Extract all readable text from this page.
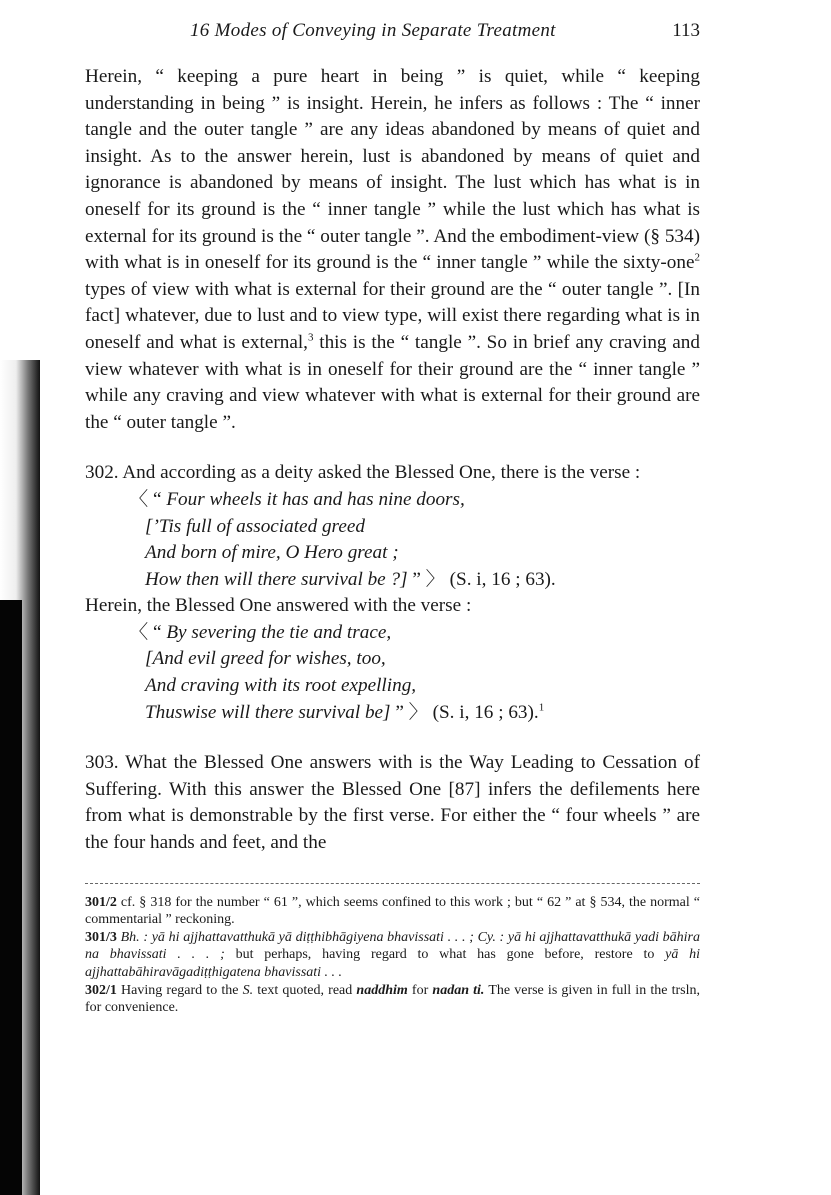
16 Modes of Conveying in Separate Treatment	113

Herein, “ keeping a pure heart in being ” is quiet, while “ keeping understanding in being ” is insight. Herein, he infers as follows : The “ inner tangle and the outer tangle ” are any ideas abandoned by means of quiet and insight. As to the answer herein, lust is abandoned by means of quiet and ignorance is abandoned by means of insight. The lust which has what is in oneself for its ground is the “ inner tangle ” while the lust which has what is external for its ground is the “ outer tangle ”. And the embodiment-view (§ 534) with what is in oneself for its ground is the “ inner tangle ” while the sixty-one$^2$ types of view with what is external for their ground are the “ outer tangle ”. [In fact] whatever, due to lust and to view type, will exist there regarding what is in oneself and what is external,$^3$ this is the “ tangle ”. So in brief any craving and view whatever with what is in oneself for their ground are the “ inner tangle ” while any craving and view whatever with what is external for their ground are the “ outer tangle ”.

302. And according as a deity asked the Blessed One, there is the verse :

〈 “ Four wheels it has and has nine doors,
[’Tis full of associated greed
And born of mire, O Hero great ;
How then will there survival be ?] ” 〉 (S. i, 16 ; 63).

Herein, the Blessed One answered with the verse :

〈 “ By severing the tie and trace,
[And evil greed for wishes, too,
And craving with its root expelling,
Thuswise will there survival be] ” 〉 (S. i, 16 ; 63).$^1$

303. What the Blessed One answers with is the Way Leading to Cessation of Suffering. With this answer the Blessed One [87] infers the defilements here from what is demonstrable by the first verse. For either the “ four wheels ” are the four hands and feet, and the

301/2 cf. § 318 for the number “ 61 ”, which seems confined to this work ; but “ 62 ” at § 534, the normal “ commentarial ” reckoning.

301/3 Bh. : yā hi ajjhattavatthukā yā diṭṭhibhāgiyena bhavissati . . . ; Cy. : yā hi ajjhattavatthukā yadi bāhira na bhavissati . . . ; but perhaps, having regard to what has gone before, restore to yā hi ajjhattabāhiravāgadiṭṭhigatena bhavissati . . .

302/1 Having regard to the S. text quoted, read naddhim for nadan ti. The verse is given in full in the trsln, for convenience.
